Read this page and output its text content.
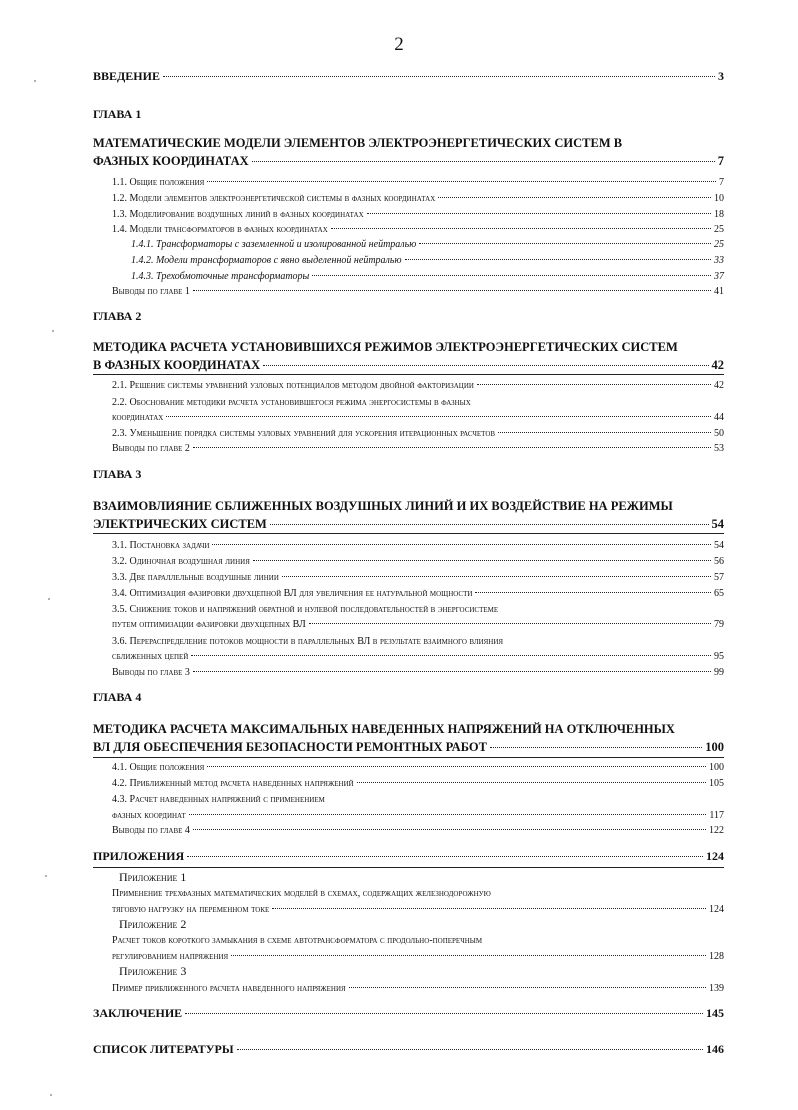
2
ВВЕДЕНИЕ	3
ГЛАВА 1
МАТЕМАТИЧЕСКИЕ МОДЕЛИ ЭЛЕМЕНТОВ ЭЛЕКТРОЭНЕРГЕТИЧЕСКИХ СИСТЕМ В
ФАЗНЫХ КООРДИНАТАХ	7
1.1. Общие положения	7
1.2. Модели элементов электроэнергетической системы в фазных координатах	10
1.3. Моделирование воздушных линий в фазных координатах	18
1.4. Модели трансформаторов в фазных координатах	25
1.4.1. Трансформаторы с заземленной и изолированной нейтралью	25
1.4.2. Модели трансформаторов с явно выделенной нейтралью	33
1.4.3. Трехобмоточные трансформаторы	37
Выводы по главе 1	41
ГЛАВА 2
МЕТОДИКА РАСЧЕТА УСТАНОВИВШИХСЯ РЕЖИМОВ ЭЛЕКТРОЭНЕРГЕТИЧЕСКИХ СИСТЕМ
В ФАЗНЫХ КООРДИНАТАХ	42
2.1. Решение системы уравнений узловых потенциалов методом двойной факторизации	42
2.2. Обоснование методики расчета установившегося режима энергосистемы в фазных
координатах	44
2.3. Уменьшение порядка системы узловых уравнений для ускорения итерационных расчетов	50
Выводы по главе 2	53
ГЛАВА 3
ВЗАИМОВЛИЯНИЕ СБЛИЖЕННЫХ ВОЗДУШНЫХ ЛИНИЙ И ИХ ВОЗДЕЙСТВИЕ НА РЕЖИМЫ
ЭЛЕКТРИЧЕСКИХ СИСТЕМ	54
3.1. Постановка задачи	54
3.2. Одиночная воздушная линия	56
3.3. Две параллельные воздушные линии	57
3.4. Оптимизация фазировки двухцепной ВЛ для увеличения ее натуральной мощности	65
3.5. Снижение токов и напряжений обратной и нулевой последовательностей в энергосистеме
путем оптимизации фазировки двухцепных ВЛ	79
3.6. Перераспределение потоков мощности в параллельных ВЛ в результате взаимного влияния
сближенных цепей	95
Выводы по главе 3	99
ГЛАВА 4
МЕТОДИКА РАСЧЕТА МАКСИМАЛЬНЫХ НАВЕДЕННЫХ НАПРЯЖЕНИЙ НА ОТКЛЮЧЕННЫХ
ВЛ ДЛЯ ОБЕСПЕЧЕНИЯ БЕЗОПАСНОСТИ РЕМОНТНЫХ РАБОТ	100
4.1. Общие положения	100
4.2. Приближенный метод расчета наведенных напряжений	105
4.3. Расчет наведенных напряжений с применением
фазных координат	117
Выводы по главе 4	122
ПРИЛОЖЕНИЯ	124
Приложение 1
Применение трехфазных математических моделей в схемах, содержащих железнодорожную
тяговую нагрузку на переменном токе	124
Приложение 2
Расчет токов короткого замыкания в схеме автотрансформатора с продольно-поперечным
регулированием напряжения	128
Приложение 3
Пример приближенного расчета наведенного напряжения	139
ЗАКЛЮЧЕНИЕ	145
СПИСОК ЛИТЕРАТУРЫ	146
